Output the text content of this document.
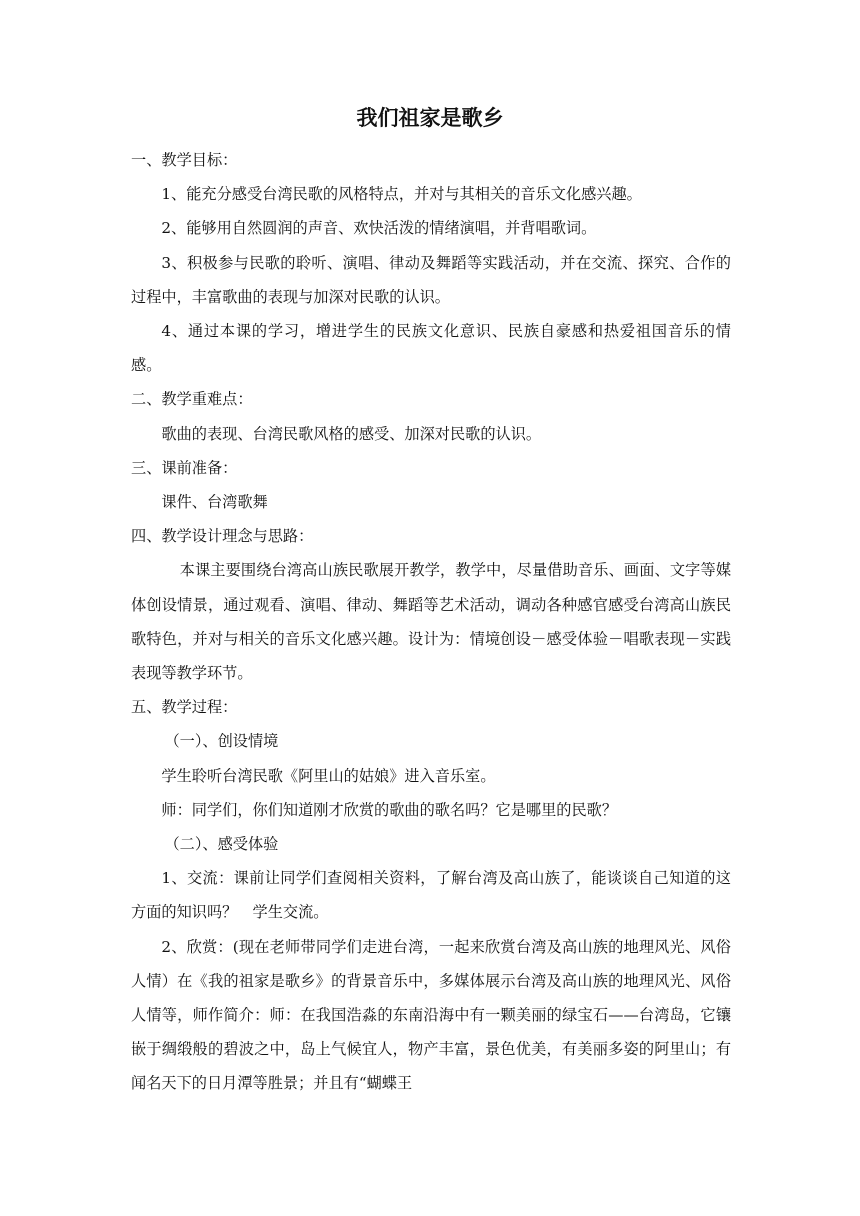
我们祖家是歌乡

一、教学目标：

1、能充分感受台湾民歌的风格特点，并对与其相关的音乐文化感兴趣。

2、能够用自然圆润的声音、欢快活泼的情绪演唱，并背唱歌词。

3、积极参与民歌的聆听、演唱、律动及舞蹈等实践活动，并在交流、探究、合作的过程中，丰富歌曲的表现与加深对民歌的认识。

4、通过本课的学习，增进学生的民族文化意识、民族自豪感和热爱祖国音乐的情感。

二、教学重难点：

歌曲的表现、台湾民歌风格的感受、加深对民歌的认识。

三、课前准备：

课件、台湾歌舞

四、教学设计理念与思路：

本课主要围绕台湾高山族民歌展开教学，教学中，尽量借助音乐、画面、文字等媒体创设情景，通过观看、演唱、律动、舞蹈等艺术活动，调动各种感官感受台湾高山族民歌特色，并对与相关的音乐文化感兴趣。设计为：情境创设－感受体验－唱歌表现－实践表现等教学环节。

五、教学过程：

（一）、创设情境

学生聆听台湾民歌《阿里山的姑娘》进入音乐室。

师：同学们，你们知道刚才欣赏的歌曲的歌名吗？它是哪里的民歌？

（二）、感受体验

1、交流：课前让同学们查阅相关资料，了解台湾及高山族了，能谈谈自己知道的这方面的知识吗？　学生交流。

2、欣赏：(现在老师带同学们走进台湾，一起来欣赏台湾及高山族的地理风光、风俗人情）在《我的祖家是歌乡》的背景音乐中，多媒体展示台湾及高山族的地理风光、风俗人情等，师作简介：师：在我国浩淼的东南沿海中有一颗美丽的绿宝石——台湾岛，它镶嵌于绸缎般的碧波之中，岛上气候宜人，物产丰富，景色优美，有美丽多姿的阿里山；有闻名天下的日月潭等胜景；并且有“蝴蝶王
